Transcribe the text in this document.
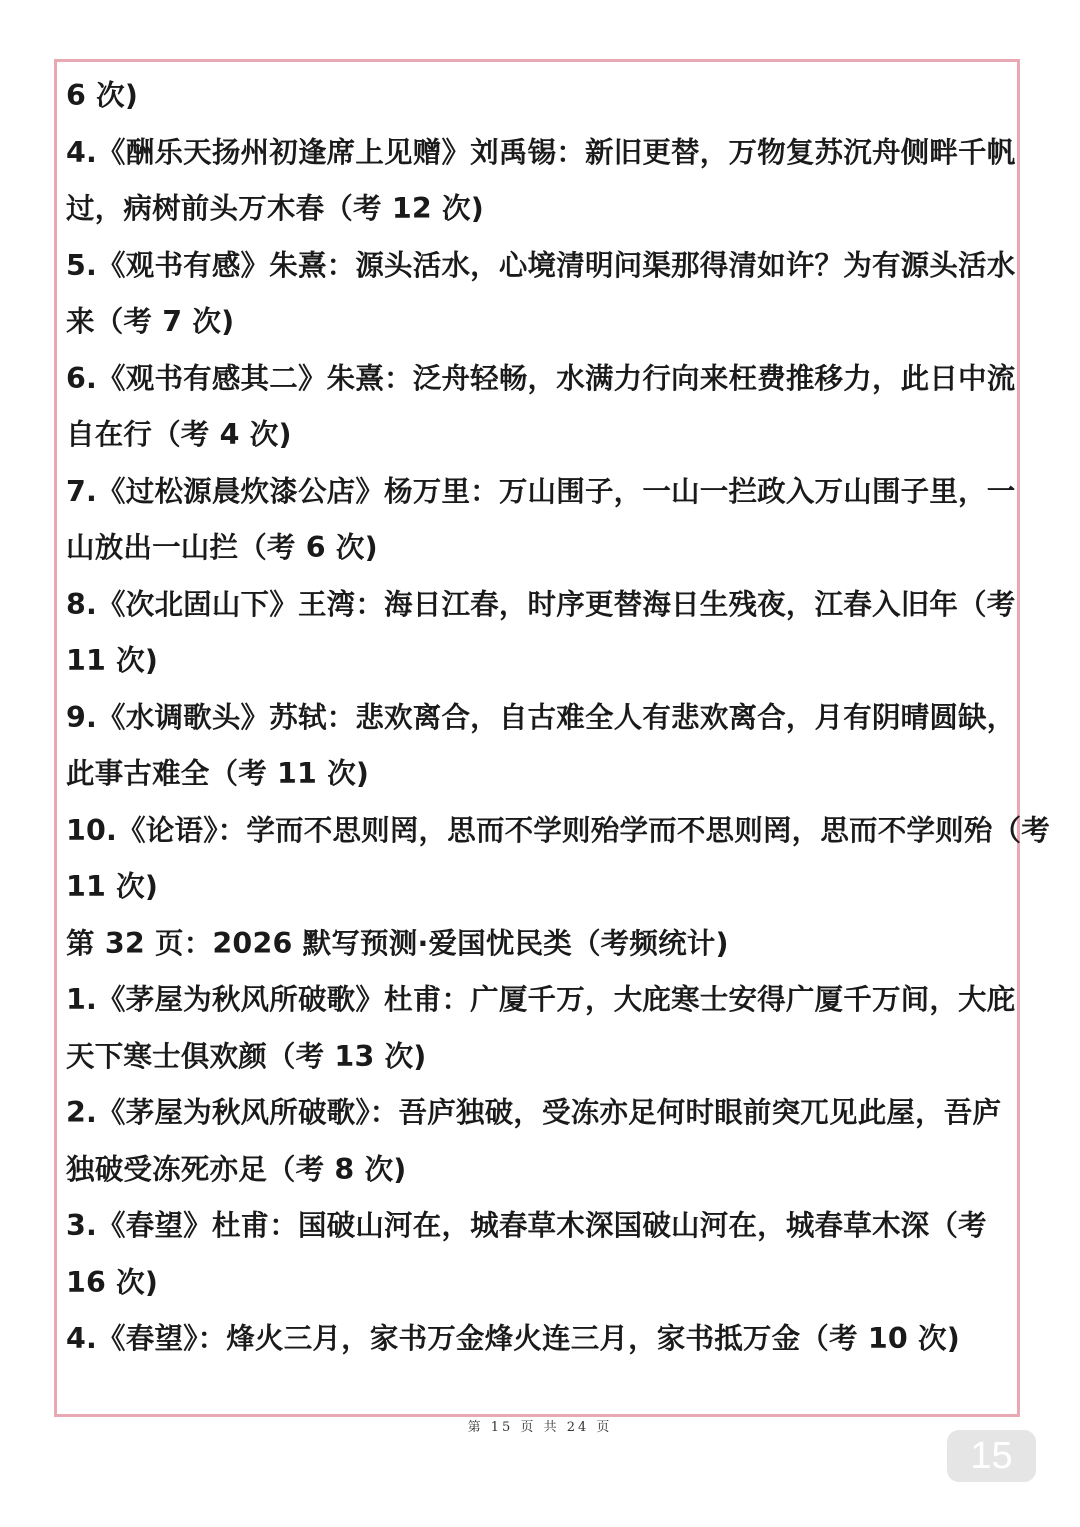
6 次)
4.《酬乐天扬州初逢席上见赠》刘禹锡：新旧更替，万物复苏沉舟侧畔千帆
过，病树前头万木春（考 12 次)
5.《观书有感》朱熹：源头活水，心境清明问渠那得清如许？为有源头活水
来（考 7 次)
6.《观书有感其二》朱熹：泛舟轻畅，水满力行向来枉费推移力，此日中流
自在行（考 4 次)
7.《过松源晨炊漆公店》杨万里：万山围子，一山一拦政入万山围子里，一
山放出一山拦（考 6 次)
8.《次北固山下》王湾：海日江春，时序更替海日生残夜，江春入旧年（考
11 次)
9.《水调歌头》苏轼：悲欢离合，自古难全人有悲欢离合，月有阴晴圆缺，
此事古难全（考 11 次)
10.《论语》：学而不思则罔，思而不学则殆学而不思则罔，思而不学则殆（考
11 次)
第 32 页：2026 默写预测·爱国忧民类（考频统计)
1.《茅屋为秋风所破歌》杜甫：广厦千万，大庇寒士安得广厦千万间，大庇
天下寒士俱欢颜（考 13 次)
2.《茅屋为秋风所破歌》：吾庐独破，受冻亦足何时眼前突兀见此屋，吾庐
独破受冻死亦足（考 8 次)
3.《春望》杜甫：国破山河在，城春草木深国破山河在，城春草木深（考
16 次)
4.《春望》：烽火三月，家书万金烽火连三月，家书抵万金（考 10 次)
第 15 页 共 24 页
15
